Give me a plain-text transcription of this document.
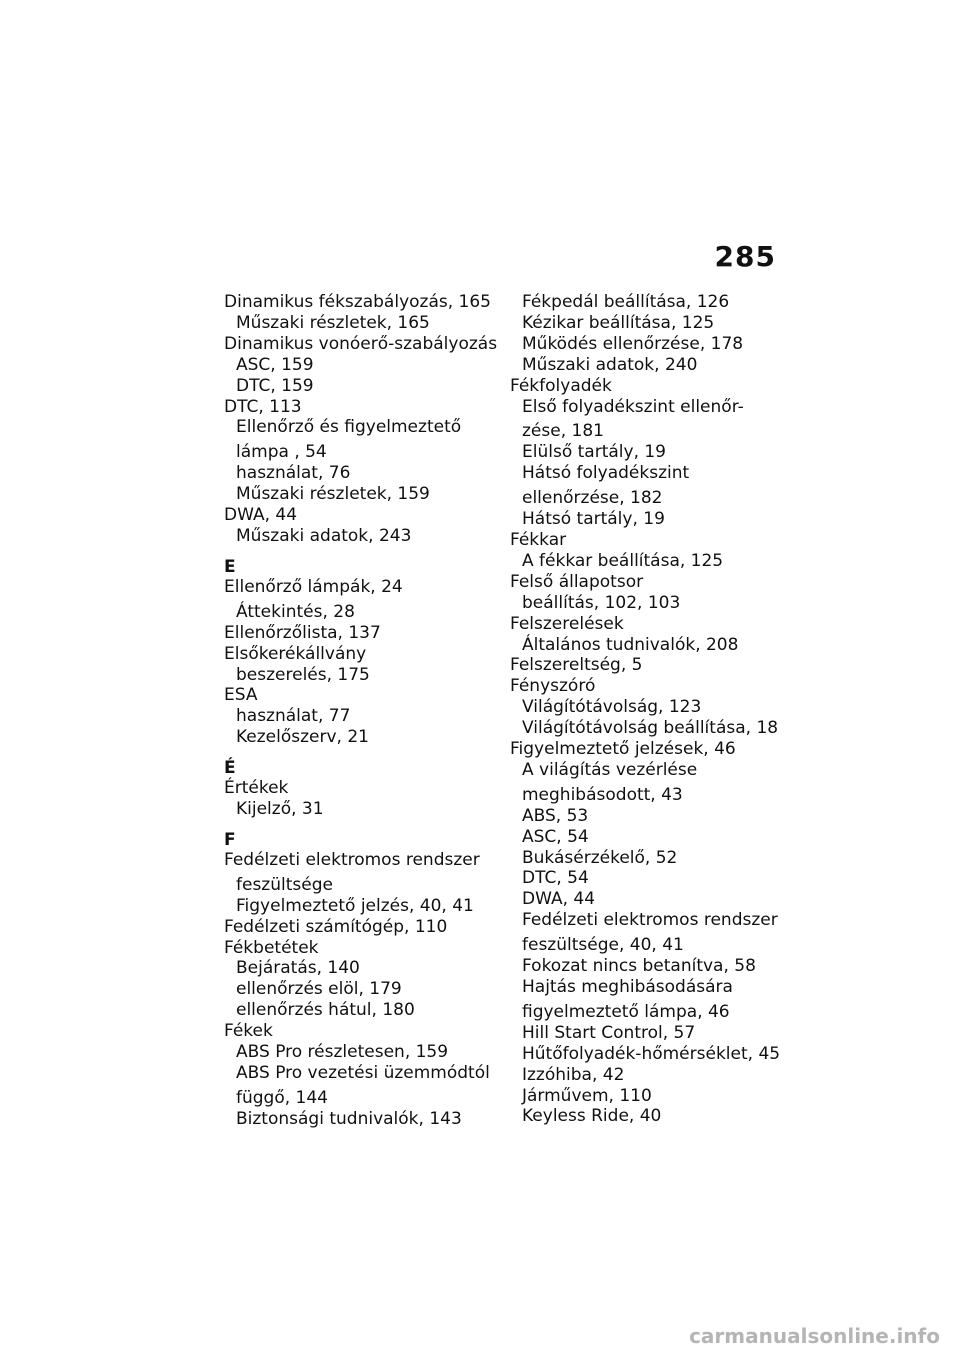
285
Dinamikus fékszabályozás, 165
Műszaki részletek, 165
Dinamikus vonóerő-szabályozás
ASC, 159
DTC, 159
DTC, 113
Ellenőrző és figyelmeztető
lámpa , 54
használat, 76
Műszaki részletek, 159
DWA, 44
Műszaki adatok, 243
E
Ellenőrző lámpák, 24
Áttekintés, 28
Ellenőrzőlista, 137
Elsőkerékállvány
beszerelés, 175
ESA
használat, 77
Kezelőszerv, 21
É
Értékek
Kijelző, 31
F
Fedélzeti elektromos rendszer
feszültsége
Figyelmeztető jelzés, 40, 41
Fedélzeti számítógép, 110
Fékbetétek
Bejáratás, 140
ellenőrzés elöl, 179
ellenőrzés hátul, 180
Fékek
ABS Pro részletesen, 159
ABS Pro vezetési üzemmódtól
függő, 144
Biztonsági tudnivalók, 143
Fékpedál beállítása, 126
Kézikar beállítása, 125
Működés ellenőrzése, 178
Műszaki adatok, 240
Fékfolyadék
Első folyadékszint ellenőr-
zése, 181
Elülső tartály, 19
Hátsó folyadékszint
ellenőrzése, 182
Hátsó tartály, 19
Fékkar
A fékkar beállítása, 125
Felső állapotsor
beállítás, 102, 103
Felszerelések
Általános tudnivalók, 208
Felszereltség, 5
Fényszóró
Világítótávolság, 123
Világítótávolság beállítása, 18
Figyelmeztető jelzések, 46
A világítás vezérlése
meghibásodott, 43
ABS, 53
ASC, 54
Bukásérzékelő, 52
DTC, 54
DWA, 44
Fedélzeti elektromos rendszer
feszültsége, 40, 41
Fokozat nincs betanítva, 58
Hajtás meghibásodására
figyelmeztető lámpa, 46
Hill Start Control, 57
Hűtőfolyadék-hőmérséklet, 45
Izzóhiba, 42
Járművem, 110
Keyless Ride, 40
carmanualsonline.info
